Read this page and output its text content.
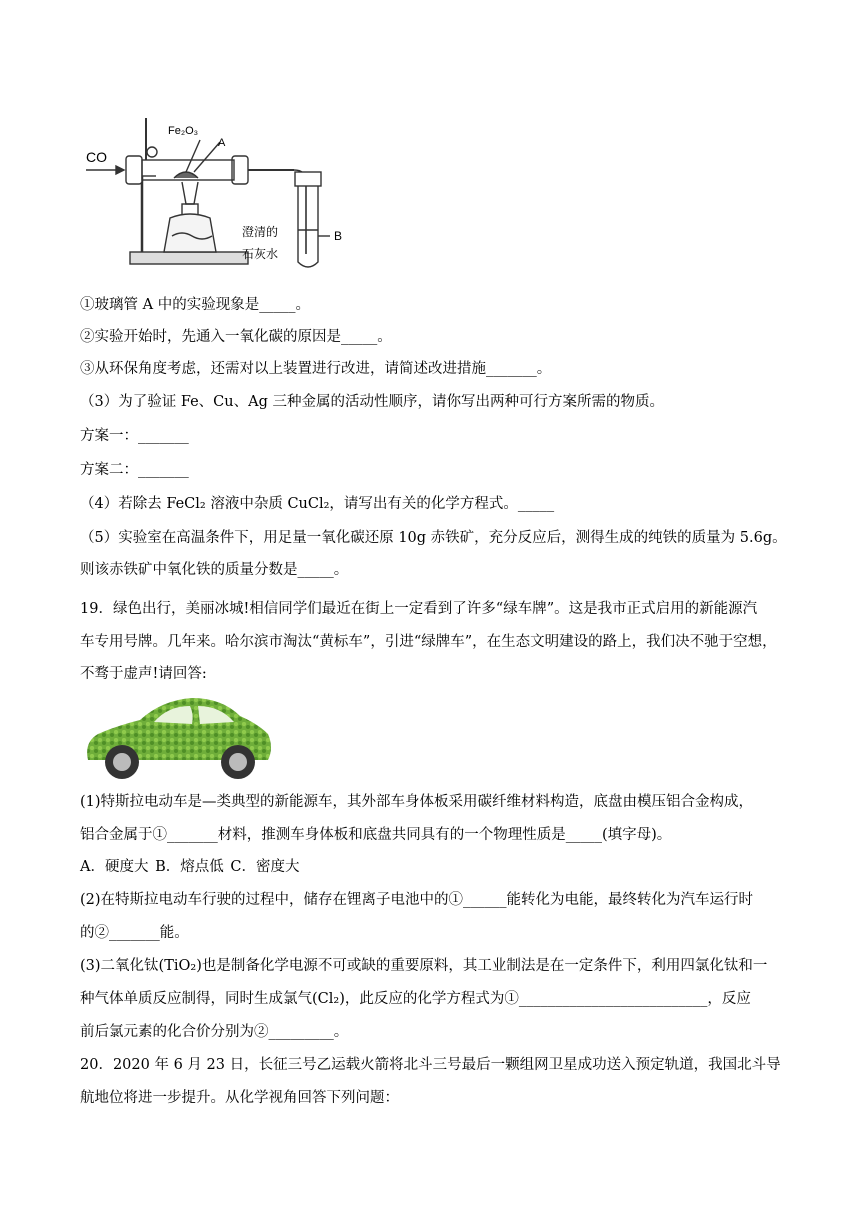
CO
Fe₂O₃
A
B
澄清的
石灰水
①玻璃管 A 中的实验现象是_____。
②实验开始时，先通入一氧化碳的原因是_____。
③从环保角度考虑，还需对以上装置进行改进，请简述改进措施_______。
（3）为了验证 Fe、Cu、Ag 三种金属的活动性顺序，请你写出两种可行方案所需的物质。
方案一：_______
方案二：_______
（4）若除去 FeCl₂ 溶液中杂质 CuCl₂，请写出有关的化学方程式。_____
（5）实验室在高温条件下，用足量一氧化碳还原 10g 赤铁矿，充分反应后，测得生成的纯铁的质量为 5.6g。
则该赤铁矿中氧化铁的质量分数是_____。
19．绿色出行，美丽冰城!相信同学们最近在街上一定看到了许多“绿车牌”。这是我市正式启用的新能源汽
车专用号牌。几年来。哈尔滨市淘汰“黄标车”，引进“绿牌车”，在生态文明建设的路上，我们决不驰于空想，
不骛于虚声!请回答:
(1)特斯拉电动车是—类典型的新能源车，其外部车身体板采用碳纤维材料构造，底盘由模压铝合金构成，
铝合金属于①_______材料，推测车身体板和底盘共同具有的一个物理性质是_____(填字母)。
A．硬度大 B．熔点低 C．密度大
(2)在特斯拉电动车行驶的过程中，储存在锂离子电池中的①______能转化为电能，最终转化为汽车运行时
的②_______能。
(3)二氧化钛(TiO₂)也是制备化学电源不可或缺的重要原料，其工业制法是在一定条件下，利用四氯化钛和一
种气体单质反应制得，同时生成氯气(Cl₂)，此反应的化学方程式为①__________________________，反应
前后氯元素的化合价分别为②_________。
20．2020 年 6 月 23 日，长征三号乙运载火箭将北斗三号最后一颗组网卫星成功送入预定轨道，我国北斗导
航地位将进一步提升。从化学视角回答下列问题：
